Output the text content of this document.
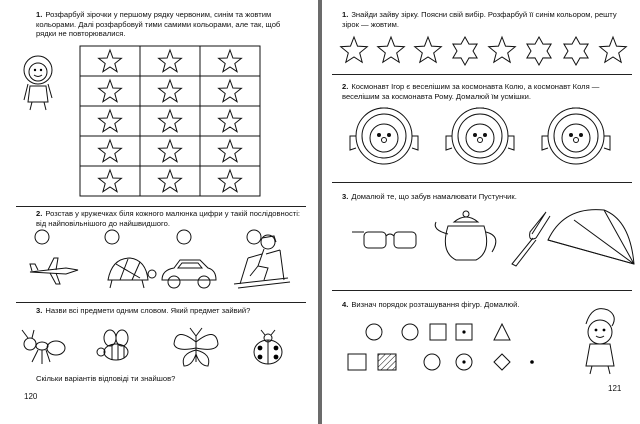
1. Розфарбуй зірочки у першому рядку червоним, синім та жовтим кольорами. Далі розфарбовуй тими самими кольорами, але так, щоб рядки не повторювалися.
2. Розстав у кружечках біля кожного малюнка цифри у такій послідовності: від найповільнішого до найшвидшого.
3. Назви всі предмети одним словом. Який предмет зайвий?
Скільки варіантів відповіді ти знайшов?
120
1. Знайди зайву зірку. Поясни свій вибір. Розфарбуй її синім кольором, решту зірок — жовтим.
2. Космонавт Ігор є веселішим за космонавта Колю, а космонавт Коля — веселішим за космонавта Рому. Домалюй їм усмішки.
3. Домалюй те, що забув намалювати Пустунчик.
4. Визнач порядок розташування фігур. Домалюй.
121
